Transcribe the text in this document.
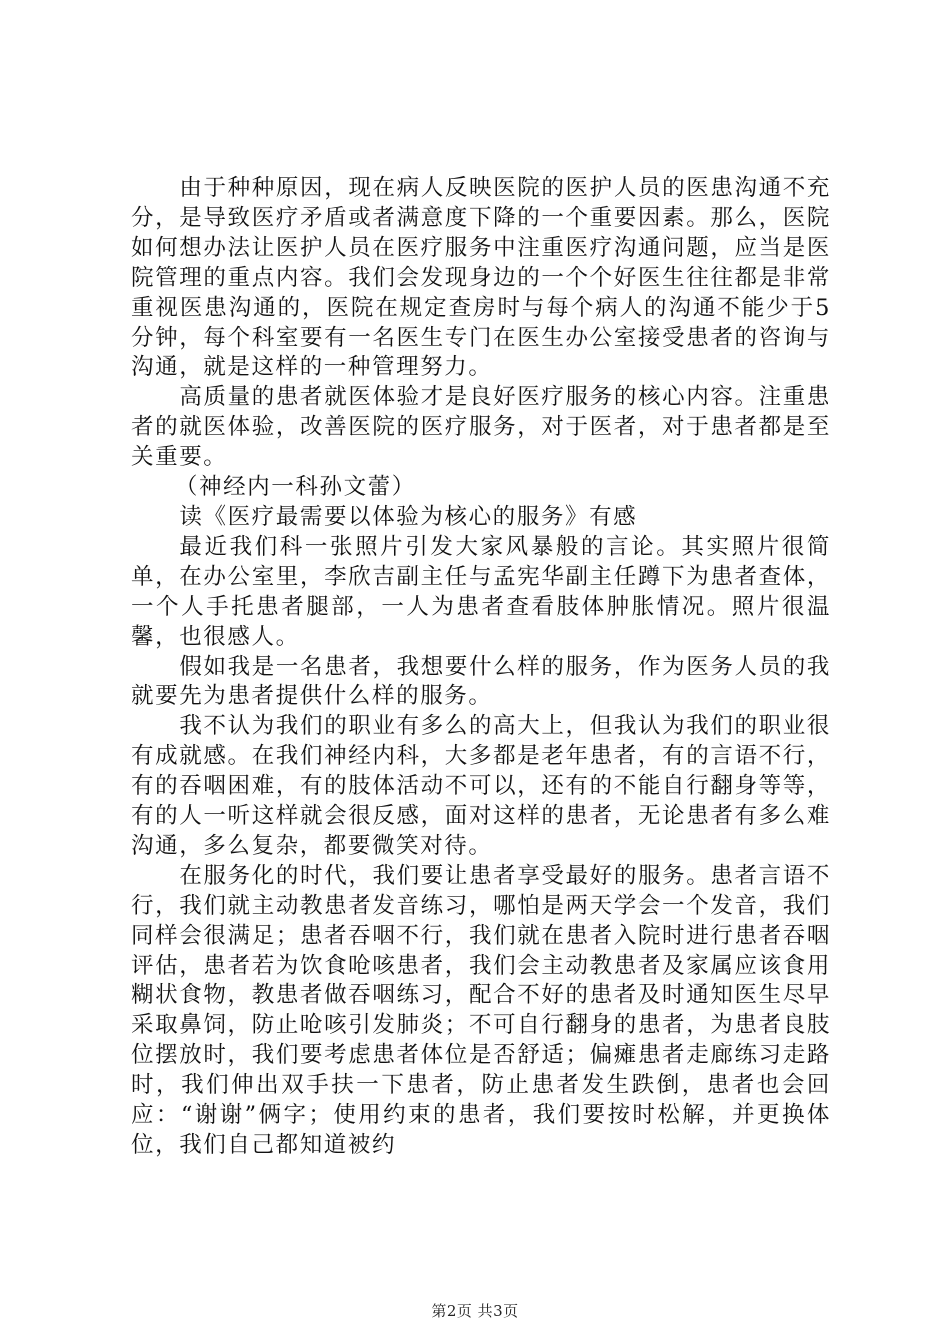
由于种种原因，现在病人反映医院的医护人员的医患沟通不充分，是导致医疗矛盾或者满意度下降的一个重要因素。那么，医院如何想办法让医护人员在医疗服务中注重医疗沟通问题，应当是医院管理的重点内容。我们会发现身边的一个个好医生往往都是非常重视医患沟通的，医院在规定查房时与每个病人的沟通不能少于5分钟，每个科室要有一名医生专门在医生办公室接受患者的咨询与沟通，就是这样的一种管理努力。

高质量的患者就医体验才是良好医疗服务的核心内容。注重患者的就医体验，改善医院的医疗服务，对于医者，对于患者都是至关重要。

（神经内一科孙文蕾）

读《医疗最需要以体验为核心的服务》有感

最近我们科一张照片引发大家风暴般的言论。其实照片很简单，在办公室里，李欣吉副主任与孟宪华副主任蹲下为患者查体，一个人手托患者腿部，一人为患者查看肢体肿胀情况。照片很温馨，也很感人。

假如我是一名患者，我想要什么样的服务，作为医务人员的我就要先为患者提供什么样的服务。

我不认为我们的职业有多么的高大上，但我认为我们的职业很有成就感。在我们神经内科，大多都是老年患者，有的言语不行，有的吞咽困难，有的肢体活动不可以，还有的不能自行翻身等等，有的人一听这样就会很反感，面对这样的患者，无论患者有多么难沟通，多么复杂，都要微笑对待。

在服务化的时代，我们要让患者享受最好的服务。患者言语不行，我们就主动教患者发音练习，哪怕是两天学会一个发音，我们同样会很满足；患者吞咽不行，我们就在患者入院时进行患者吞咽评估，患者若为饮食呛咳患者，我们会主动教患者及家属应该食用糊状食物，教患者做吞咽练习，配合不好的患者及时通知医生尽早采取鼻饲，防止呛咳引发肺炎；不可自行翻身的患者，为患者良肢位摆放时，我们要考虑患者体位是否舒适；偏瘫患者走廊练习走路时，我们伸出双手扶一下患者，防止患者发生跌倒，患者也会回应：“谢谢”俩字；使用约束的患者，我们要按时松解，并更换体位，我们自己都知道被约

第2页 共3页
